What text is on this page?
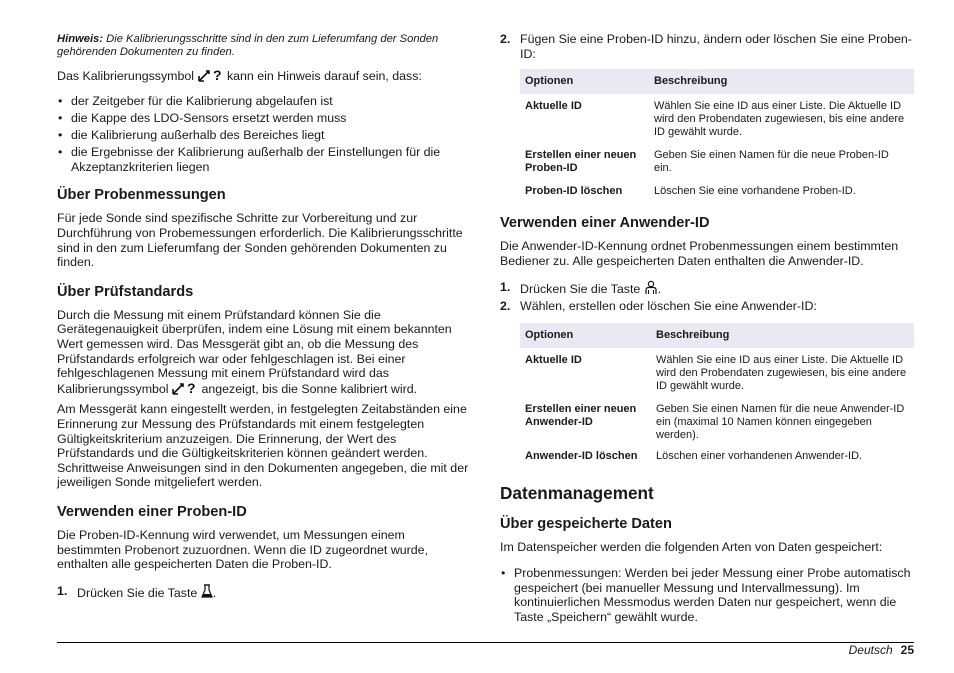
Hinweis: Die Kalibrierungsschritte sind in den zum Lieferumfang der Sonden gehörenden Dokumenten zu finden.

Das Kalibrierungssymbol ? kann ein Hinweis darauf sein, dass:

• der Zeitgeber für die Kalibrierung abgelaufen ist
• die Kappe des LDO-Sensors ersetzt werden muss
• die Kalibrierung außerhalb des Bereiches liegt
• die Ergebnisse der Kalibrierung außerhalb der Einstellungen für die Akzeptanzkriterien liegen
Über Probenmessungen

Für jede Sonde sind spezifische Schritte zur Vorbereitung und zur Durchführung von Probemessungen erforderlich. Die Kalibrierungsschritte sind in den zum Lieferumfang der Sonden gehörenden Dokumenten zu finden.

Über Prüfstandards

Durch die Messung mit einem Prüfstandard können Sie die Gerätegenauigkeit überprüfen, indem eine Lösung mit einem bekannten Wert gemessen wird. Das Messgerät gibt an, ob die Messung des Prüfstandards erfolgreich war oder fehlgeschlagen ist. Bei einer fehlgeschlagenen Messung mit einem Prüfstandard wird das Kalibrierungssymbol ? angezeigt, bis die Sonne kalibriert wird.

Am Messgerät kann eingestellt werden, in festgelegten Zeitabständen eine Erinnerung zur Messung des Prüfstandards mit einem festgelegten Gültigkeitskriterium anzuzeigen. Die Erinnerung, der Wert des Prüfstandards und die Gültigkeitskriterien können geändert werden. Schrittweise Anweisungen sind in den Dokumenten angegeben, die mit der jeweiligen Sonde mitgeliefert werden.

Verwenden einer Proben-ID

Die Proben-ID-Kennung wird verwendet, um Messungen einem bestimmten Probenort zuzuordnen. Wenn die ID zugeordnet wurde, enthalten alle gespeicherten Daten die Proben-ID.

1. Drücken Sie die Taste .
2. Fügen Sie eine Proben-ID hinzu, ändern oder löschen Sie eine Proben-ID:
Optionen	Beschreibung
Aktuelle ID	Wählen Sie eine ID aus einer Liste. Die Aktuelle ID wird den Probendaten zugewiesen, bis eine andere ID gewählt wurde.
Erstellen einer neuen Proben-ID	Geben Sie einen Namen für die neue Proben-ID ein.
Proben-ID löschen	Löschen Sie eine vorhandene Proben-ID.
Verwenden einer Anwender-ID

Die Anwender-ID-Kennung ordnet Probenmessungen einem bestimmten Bediener zu. Alle gespeicherten Daten enthalten die Anwender-ID.

1. Drücken Sie die Taste .
2. Wählen, erstellen oder löschen Sie eine Anwender-ID:
Optionen	Beschreibung
Aktuelle ID	Wählen Sie eine ID aus einer Liste. Die Aktuelle ID wird den Probendaten zugewiesen, bis eine andere ID gewählt wurde.
Erstellen einer neuen Anwender-ID	Geben Sie einen Namen für die neue Anwender-ID ein (maximal 10 Namen können eingegeben werden).
Anwender-ID löschen	Löschen einer vorhandenen Anwender-ID.
Datenmanagement
Über gespeicherte Daten

Im Datenspeicher werden die folgenden Arten von Daten gespeichert:

• Probenmessungen: Werden bei jeder Messung einer Probe automatisch gespeichert (bei manueller Messung und Intervallmessung). Im kontinuierlichen Messmodus werden Daten nur gespeichert, wenn die Taste „Speichern“ gewählt wurde.
Deutsch 25
